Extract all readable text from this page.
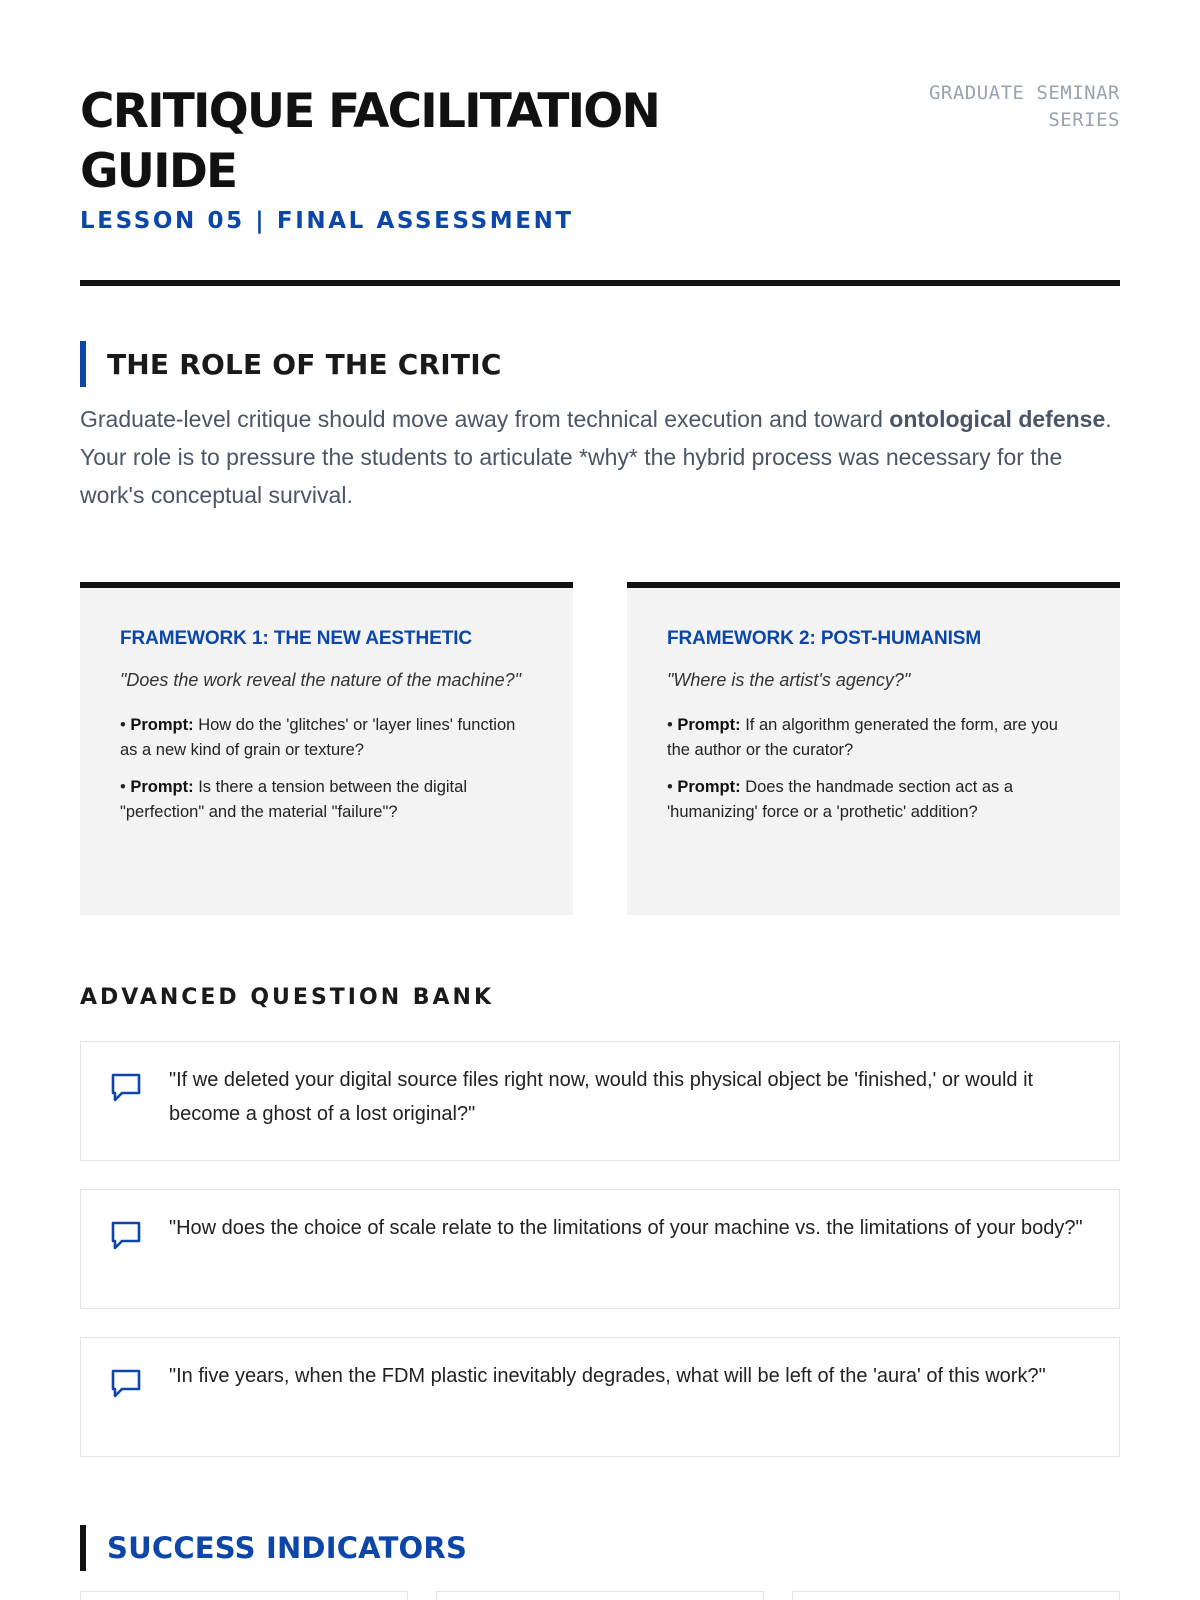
CRITIQUE FACILITATION GUIDE
LESSON 05 | FINAL ASSESSMENT
GRADUATE SEMINAR SERIES
THE ROLE OF THE CRITIC

Graduate-level critique should move away from technical execution and toward ontological defense. Your role is to pressure the students to articulate *why* the hybrid process was necessary for the work's conceptual survival.

FRAMEWORK 1: THE NEW AESTHETIC
"Does the work reveal the nature of the machine?"
• Prompt: How do the 'glitches' or 'layer lines' function as a new kind of grain or texture?
• Prompt: Is there a tension between the digital "perfection" and the material "failure"?
FRAMEWORK 2: POST-HUMANISM
"Where is the artist's agency?"
• Prompt: If an algorithm generated the form, are you the author or the curator?
• Prompt: Does the handmade section act as a 'humanizing' force or a 'prothetic' addition?
ADVANCED QUESTION BANK
"If we deleted your digital source files right now, would this physical object be 'finished,' or would it become a ghost of a lost original?"
"How does the choice of scale relate to the limitations of your machine vs. the limitations of your body?"
"In five years, when the FDM plastic inevitably degrades, what will be left of the 'aura' of this work?"
SUCCESS INDICATORS
